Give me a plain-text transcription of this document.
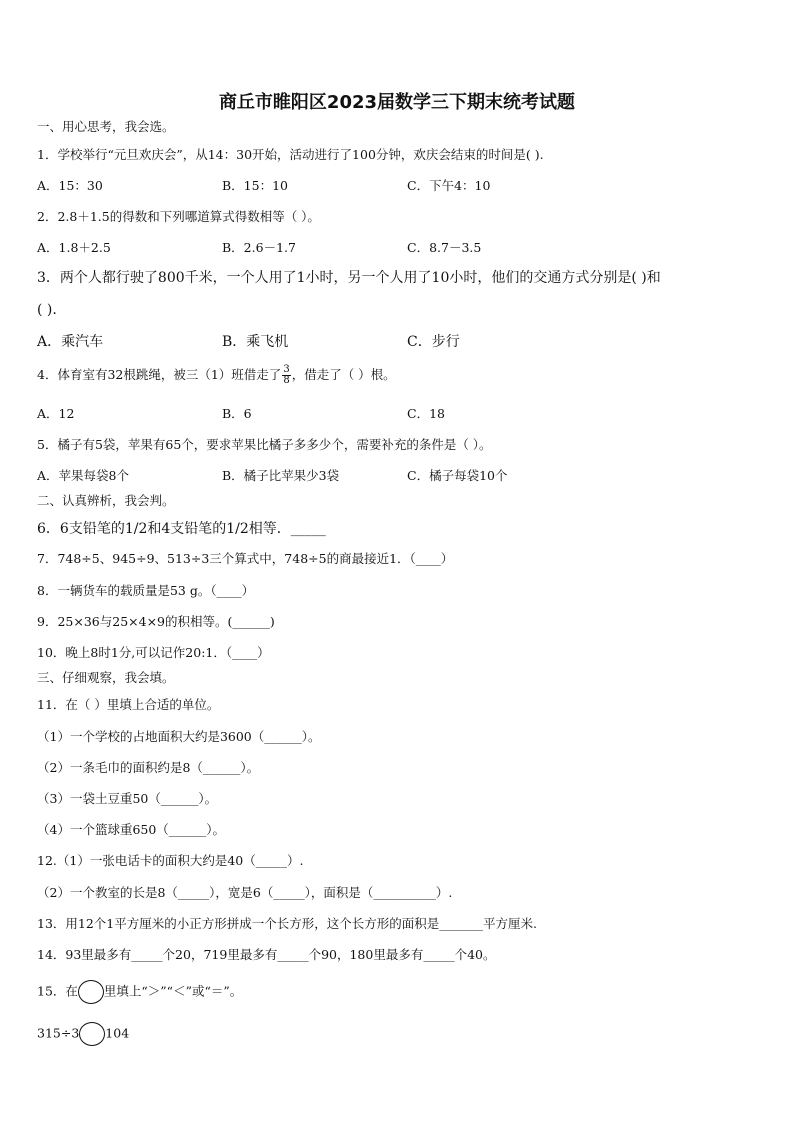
商丘市睢阳区2023届数学三下期末统考试题
一、用心思考，我会选。
1．学校举行“元旦欢庆会”，从14：30开始，活动进行了100分钟，欢庆会结束的时间是( ).
A．15：30	B．15：10	C．下午4：10
2．2.8＋1.5的得数和下列哪道算式得数相等（ ）。
A．1.8＋2.5	B．2.6－1.7	C．8.7－3.5
3．两个人都行驶了800千米，一个人用了1小时，另一个人用了10小时，他们的交通方式分别是( )和
( ).
A．乘汽车	B．乘飞机	C．步行
4．体育室有32根跳绳，被三（1）班借走了 $\frac{3}{8}$ ，借走了（ ）根。
A．12	B．6	C．18
5．橘子有5袋，苹果有65个，要求苹果比橘子多多少个，需要补充的条件是（ ）。
A．苹果每袋8个	B．橘子比苹果少3袋	C．橘子每袋10个
二、认真辨析，我会判。
6．6支铅笔的1/2和4支铅笔的1/2相等．_____
7．748÷5、945÷9、513÷3三个算式中，748÷5的商最接近1．（____）
8．一辆货车的载质量是53 g。（____）
9．25×36与25×4×9的积相等。(______)
10．晚上8时1分,可以记作20:1．（____）
三、仔细观察，我会填。
11．在（ ）里填上合适的单位。
（1）一个学校的占地面积大约是3600（______）。
（2）一条毛巾的面积约是8（______）。
（3）一袋土豆重50（______）。
（4）一个篮球重650（______）。
12.（1）一张电话卡的面积大约是40（_____）.
（2）一个教室的长是8（_____），宽是6（_____），面积是（__________）.
13．用12个1平方厘米的小正方形拼成一个长方形，这个长方形的面积是_______平方厘米.
14．93里最多有_____个20，719里最多有_____个90，180里最多有_____个40。
15．在 里填上“＞”“＜”或“＝”。
315÷3 104
